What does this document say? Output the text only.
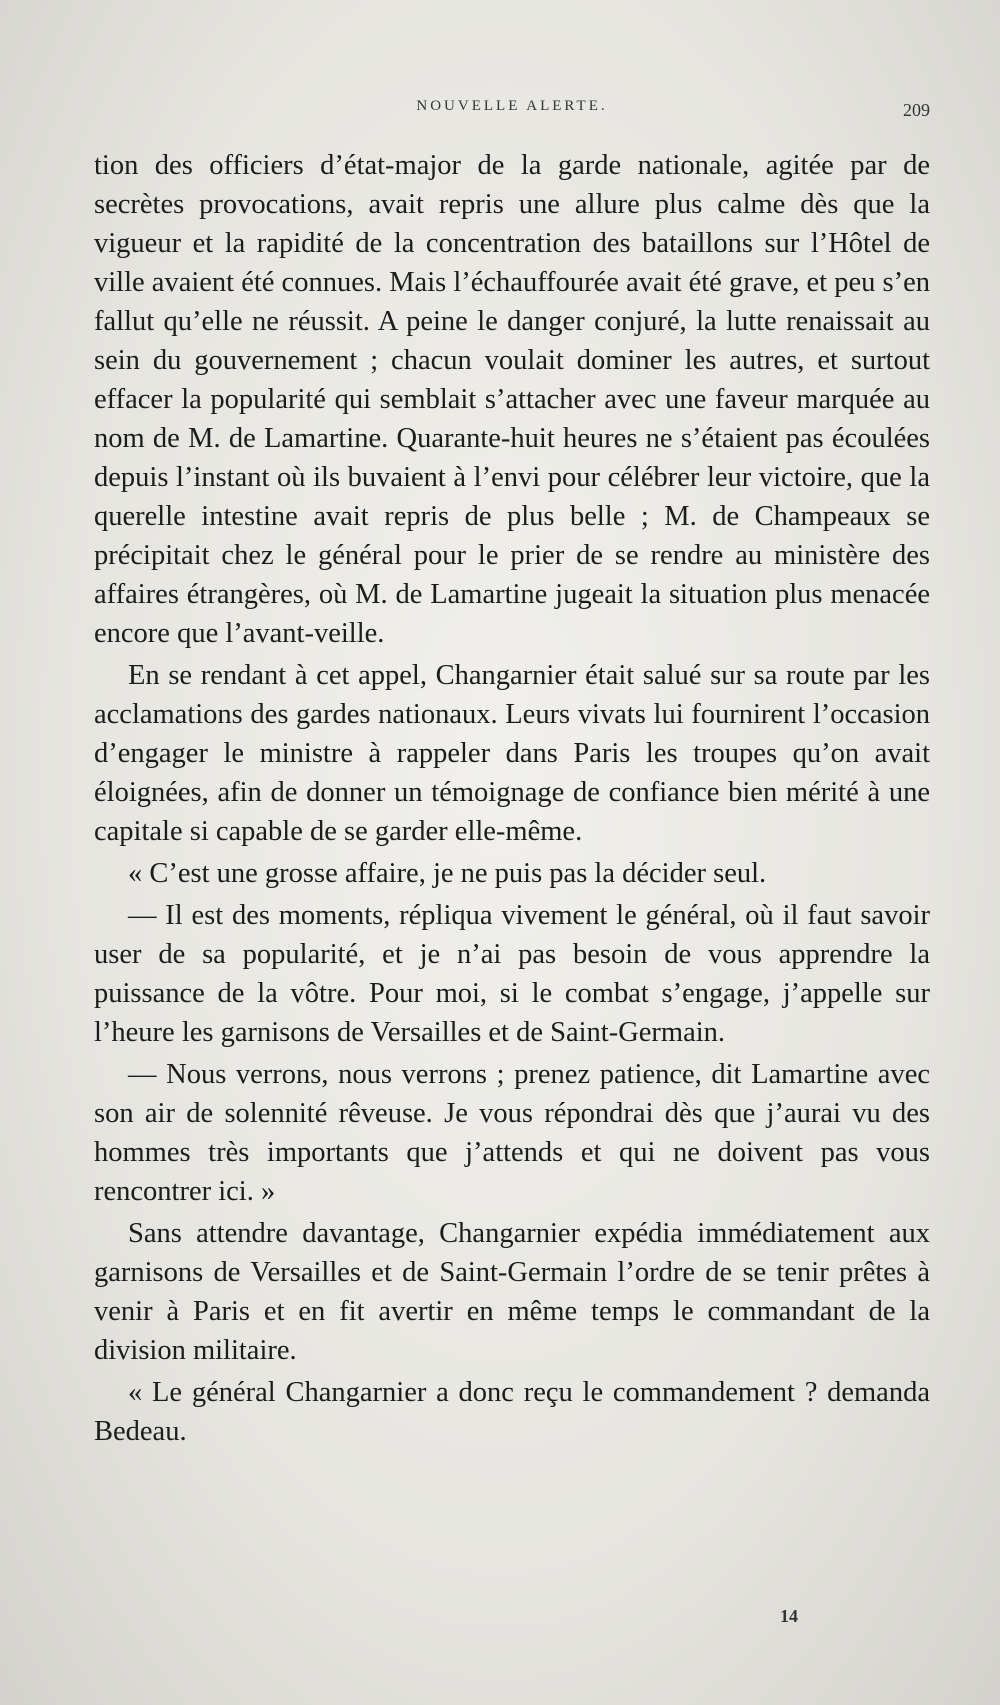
NOUVELLE ALERTE.	209

tion des officiers d’état-major de la garde nationale, agitée par de secrètes provocations, avait repris une allure plus calme dès que la vigueur et la rapidité de la concentration des bataillons sur l’Hôtel de ville avaient été connues. Mais l’échauffourée avait été grave, et peu s’en fallut qu’elle ne réussit. A peine le danger conjuré, la lutte renaissait au sein du gouvernement ; chacun voulait dominer les autres, et surtout effacer la popularité qui semblait s’attacher avec une faveur marquée au nom de M. de Lamartine. Quarante-huit heures ne s’étaient pas écoulées depuis l’instant où ils buvaient à l’envi pour célébrer leur victoire, que la querelle intestine avait repris de plus belle ; M. de Champeaux se précipitait chez le général pour le prier de se rendre au ministère des affaires étrangères, où M. de Lamartine jugeait la situation plus menacée encore que l’avant-veille.

En se rendant à cet appel, Changarnier était salué sur sa route par les acclamations des gardes nationaux. Leurs vivats lui fournirent l’occasion d’engager le ministre à rappeler dans Paris les troupes qu’on avait éloignées, afin de donner un témoignage de confiance bien mérité à une capitale si capable de se garder elle-même.

« C’est une grosse affaire, je ne puis pas la décider seul.

— Il est des moments, répliqua vivement le général, où il faut savoir user de sa popularité, et je n’ai pas besoin de vous apprendre la puissance de la vôtre. Pour moi, si le combat s’engage, j’appelle sur l’heure les garnisons de Versailles et de Saint-Germain.

— Nous verrons, nous verrons ; prenez patience, dit Lamartine avec son air de solennité rêveuse. Je vous répondrai dès que j’aurai vu des hommes très importants que j’attends et qui ne doivent pas vous rencontrer ici. »

Sans attendre davantage, Changarnier expédia immédiatement aux garnisons de Versailles et de Saint-Germain l’ordre de se tenir prêtes à venir à Paris et en fit avertir en même temps le commandant de la division militaire.

« Le général Changarnier a donc reçu le commandement ? demanda Bedeau.

14
